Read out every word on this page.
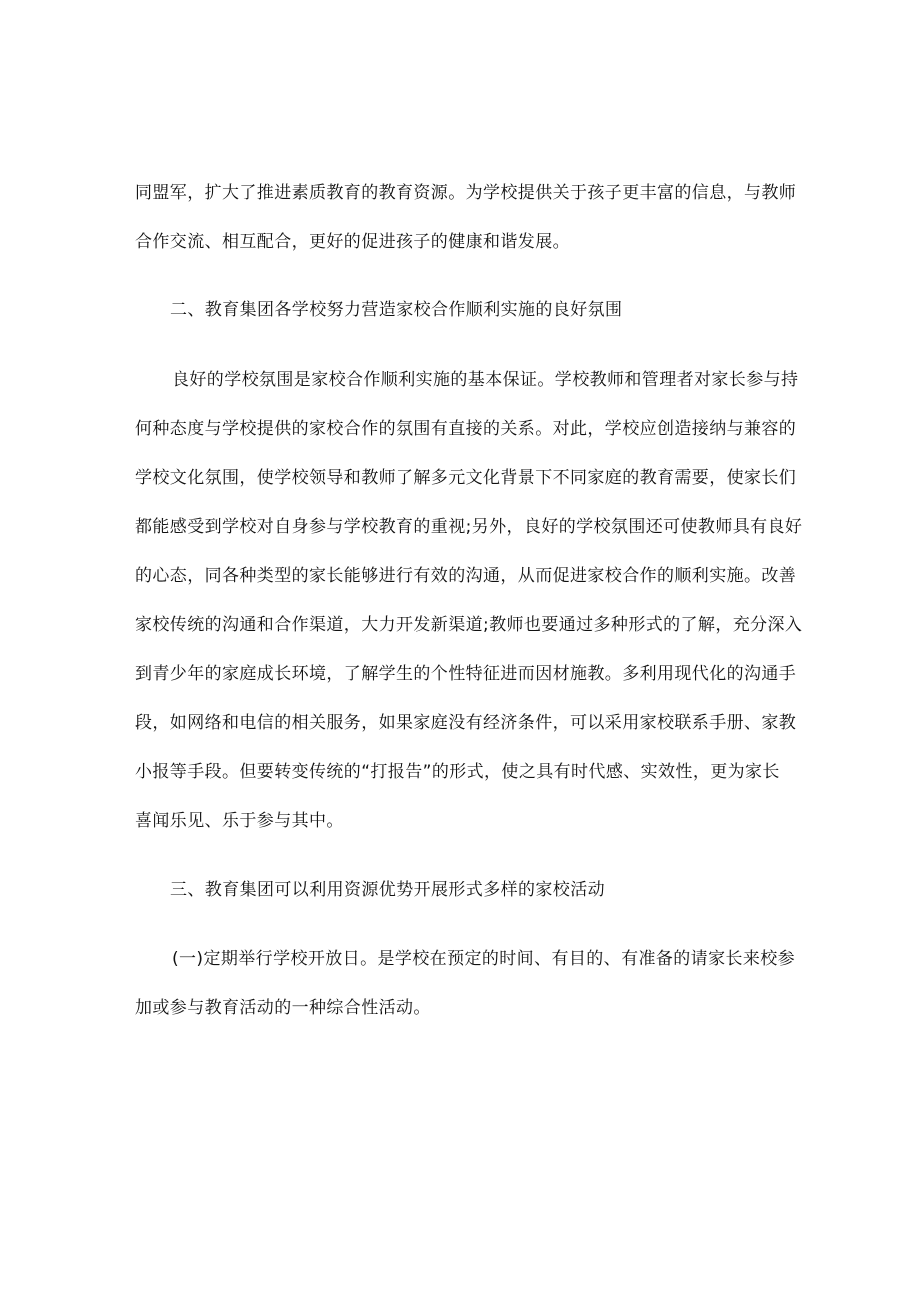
同盟军，扩大了推进素质教育的教育资源。为学校提供关于孩子更丰富的信息，与教师
合作交流、相互配合，更好的促进孩子的健康和谐发展。
二、教育集团各学校努力营造家校合作顺利实施的良好氛围
良好的学校氛围是家校合作顺利实施的基本保证。学校教师和管理者对家长参与持
何种态度与学校提供的家校合作的氛围有直接的关系。对此，学校应创造接纳与兼容的
学校文化氛围，使学校领导和教师了解多元文化背景下不同家庭的教育需要，使家长们
都能感受到学校对自身参与学校教育的重视;另外，良好的学校氛围还可使教师具有良好
的心态，同各种类型的家长能够进行有效的沟通，从而促进家校合作的顺利实施。改善
家校传统的沟通和合作渠道，大力开发新渠道;教师也要通过多种形式的了解，充分深入
到青少年的家庭成长环境，了解学生的个性特征进而因材施教。多利用现代化的沟通手
段，如网络和电信的相关服务，如果家庭没有经济条件，可以采用家校联系手册、家教
小报等手段。但要转变传统的“打报告”的形式，使之具有时代感、实效性，更为家长
喜闻乐见、乐于参与其中。
三、教育集团可以利用资源优势开展形式多样的家校活动
(一)定期举行学校开放日。是学校在预定的时间、有目的、有准备的请家长来校参
加或参与教育活动的一种综合性活动。
